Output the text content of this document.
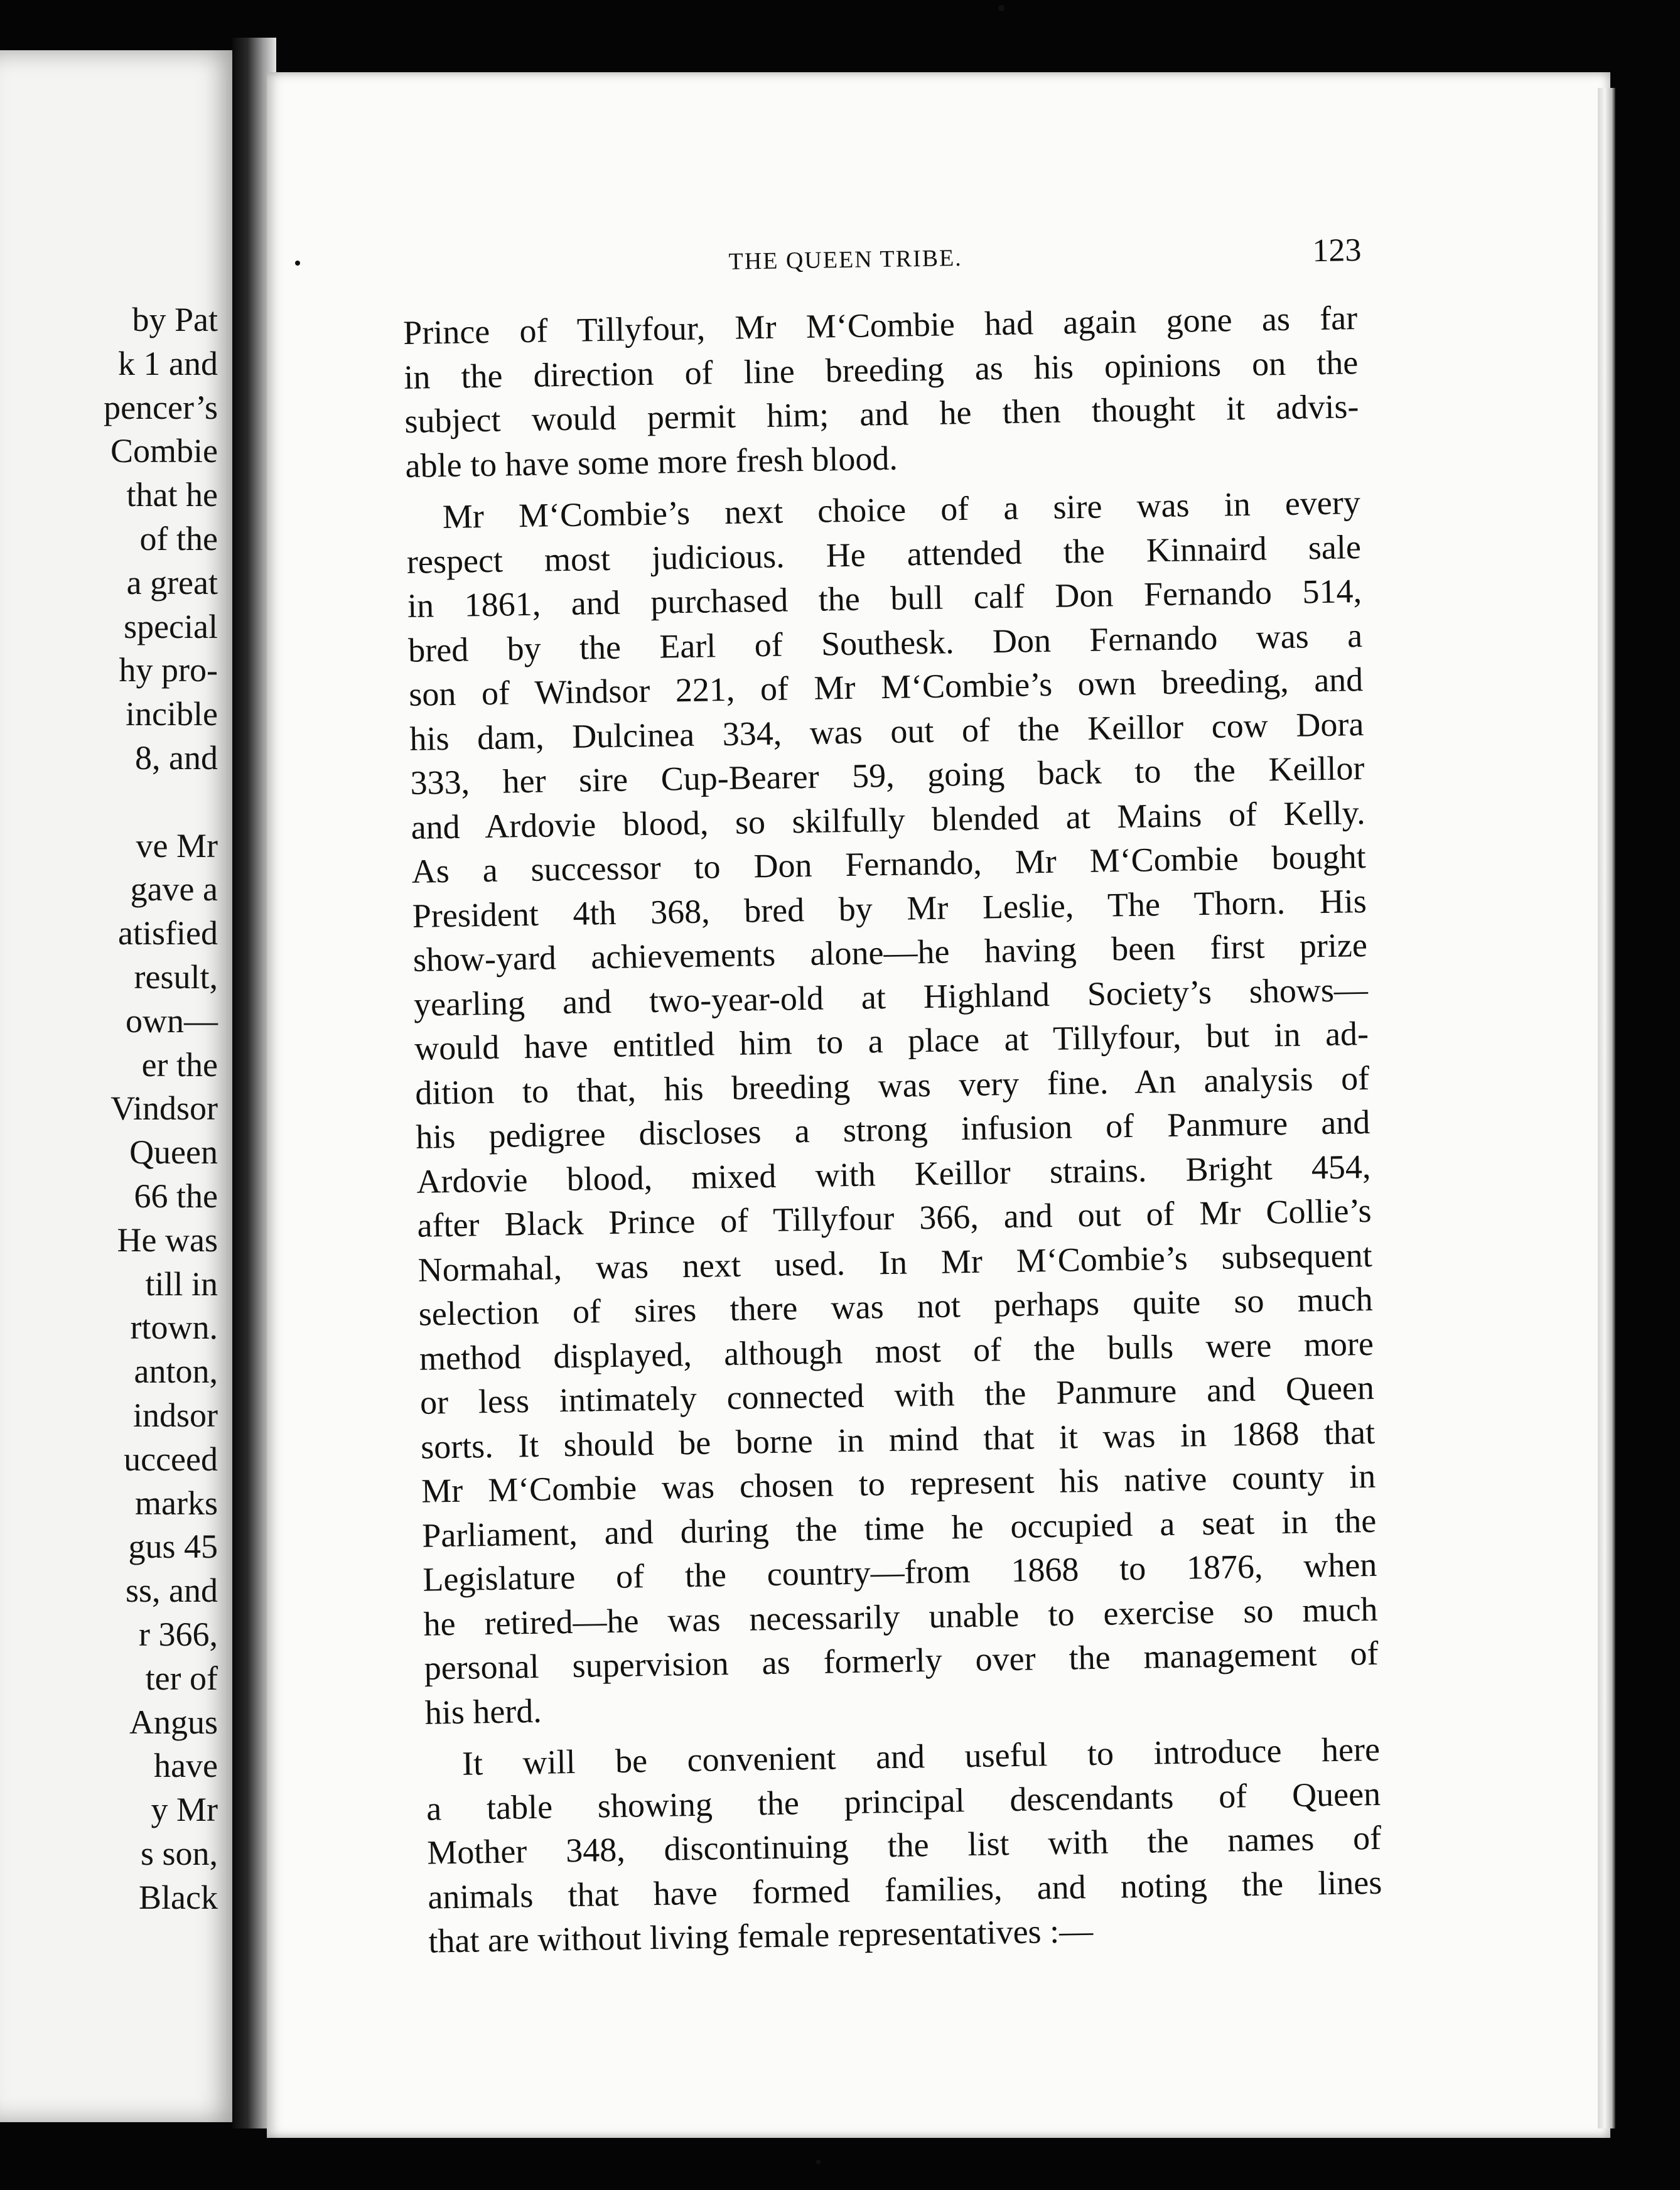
by Pat
k 1 and
pencer’s
Combie
that he
of the
a great
special
hy pro-
incible
8, and
ve Mr
gave a
atisfied
result,
own—
er the
Vindsor
Queen
66 the
He was
till in
rtown.
anton,
indsor
ucceed
marks
gus 45
ss, and
r 366,
ter of
Angus
have
y Mr
s son,
Black
THE QUEEN TRIBE.	123
Prince of Tillyfour, Mr M‘Combie had again gone as far
in the direction of line breeding as his opinions on the
subject would permit him; and he then thought it advis-
able to have some more fresh blood.
Mr M‘Combie’s next choice of a sire was in every
respect most judicious. He attended the Kinnaird sale
in 1861, and purchased the bull calf Don Fernando 514,
bred by the Earl of Southesk. Don Fernando was a
son of Windsor 221, of Mr M‘Combie’s own breeding, and
his dam, Dulcinea 334, was out of the Keillor cow Dora
333, her sire Cup-Bearer 59, going back to the Keillor
and Ardovie blood, so skilfully blended at Mains of Kelly.
As a successor to Don Fernando, Mr M‘Combie bought
President 4th 368, bred by Mr Leslie, The Thorn. His
show-yard achievements alone—he having been first prize
yearling and two-year-old at Highland Society’s shows—
would have entitled him to a place at Tillyfour, but in ad-
dition to that, his breeding was very fine. An analysis of
his pedigree discloses a strong infusion of Panmure and
Ardovie blood, mixed with Keillor strains. Bright 454,
after Black Prince of Tillyfour 366, and out of Mr Collie’s
Normahal, was next used. In Mr M‘Combie’s subsequent
selection of sires there was not perhaps quite so much
method displayed, although most of the bulls were more
or less intimately connected with the Panmure and Queen
sorts. It should be borne in mind that it was in 1868 that
Mr M‘Combie was chosen to represent his native county in
Parliament, and during the time he occupied a seat in the
Legislature of the country—from 1868 to 1876, when
he retired—he was necessarily unable to exercise so much
personal supervision as formerly over the management of
his herd.
It will be convenient and useful to introduce here
a table showing the principal descendants of Queen
Mother 348, discontinuing the list with the names of
animals that have formed families, and noting the lines
that are without living female representatives :—
